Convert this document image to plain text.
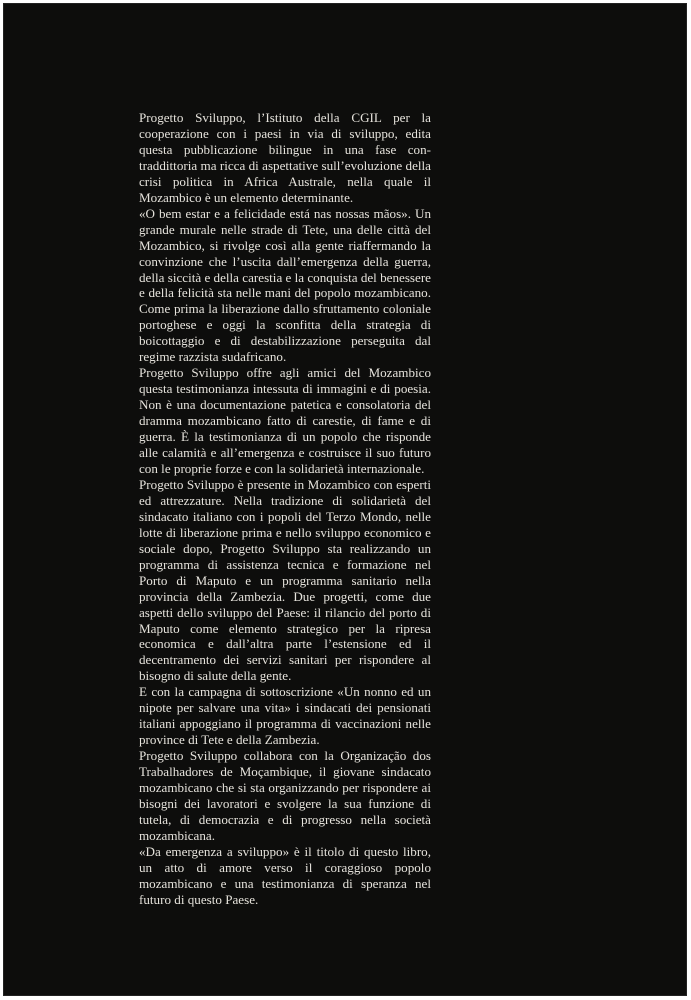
Progetto Sviluppo, l’Istituto della CGIL per la cooperazione con i paesi in via di sviluppo, edita questa pubblicazione bilingue in una fase contraddittoria ma ricca di aspettative sull’evoluzione della crisi politica in Africa Australe, nella quale il Mozambico è un elemento determinante.

«O bem estar e a felicidade está nas nossas mãos». Un grande murale nelle strade di Tete, una delle città del Mozambico, si rivolge così alla gente riaffermando la convinzione che l’uscita dall’emergenza della guerra, della siccità e della carestia e la conquista del benessere e della felicità sta nelle mani del popolo mozambicano. Come prima la liberazione dallo sfruttamento coloniale portoghese e oggi la sconfitta della strategia di boicottaggio e di destabilizzazione perseguita dal regime razzista sudafricano.

Progetto Sviluppo offre agli amici del Mozambico questa testimonianza intessuta di immagini e di poesia. Non è una documentazione patetica e consolatoria del dramma mozambicano fatto di carestie, di fame e di guerra. È la testimonianza di un popolo che risponde alle calamità e all’emergenza e costruisce il suo futuro con le proprie forze e con la solidarietà internazionale.

Progetto Sviluppo è presente in Mozambico con esperti ed attrezzature. Nella tradizione di solidarietà del sindacato italiano con i popoli del Terzo Mondo, nelle lotte di liberazione prima e nello sviluppo economico e sociale dopo, Progetto Sviluppo sta realizzando un programma di assistenza tecnica e formazione nel Porto di Maputo e un programma sanitario nella provincia della Zambezia. Due progetti, come due aspetti dello sviluppo del Paese: il rilancio del porto di Maputo come elemento strategico per la ripresa economica e dall’altra parte l’estensione ed il decentramento dei servizi sanitari per rispondere al bisogno di salute della gente.

E con la campagna di sottoscrizione «Un nonno ed un nipote per salvare una vita» i sindacati dei pensionati italiani appoggiano il programma di vaccinazioni nelle province di Tete e della Zambezia.

Progetto Sviluppo collabora con la Organização dos Trabalhadores de Moçambique, il giovane sindacato mozambicano che si sta organizzando per rispondere ai bisogni dei lavoratori e svolgere la sua funzione di tutela, di democrazia e di progresso nella società mozambicana.

«Da emergenza a sviluppo» è il titolo di questo libro, un atto di amore verso il coraggioso popolo mozambicano e una testimonianza di speranza nel futuro di questo Paese.
